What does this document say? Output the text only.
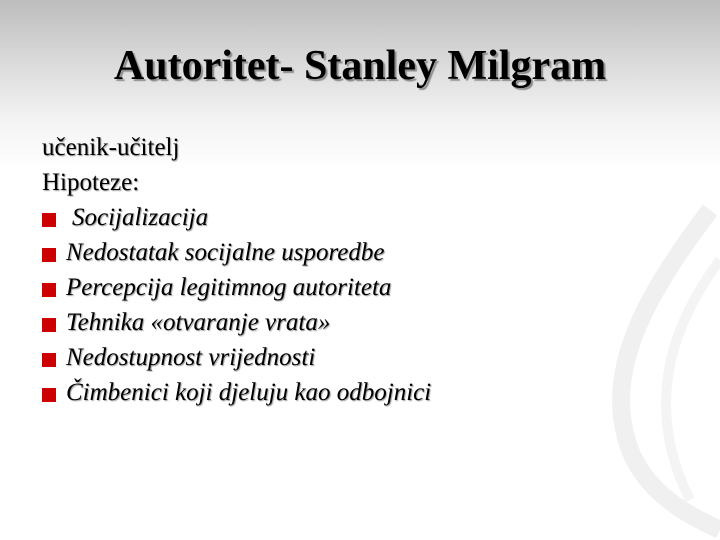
Autoritet- Stanley Milgram
učenik-učitelj
Hipoteze:
Socijalizacija
Nedostatak socijalne usporedbe
Percepcija legitimnog autoriteta
Tehnika «otvaranje vrata»
Nedostupnost vrijednosti
Čimbenici koji djeluju kao odbojnici
